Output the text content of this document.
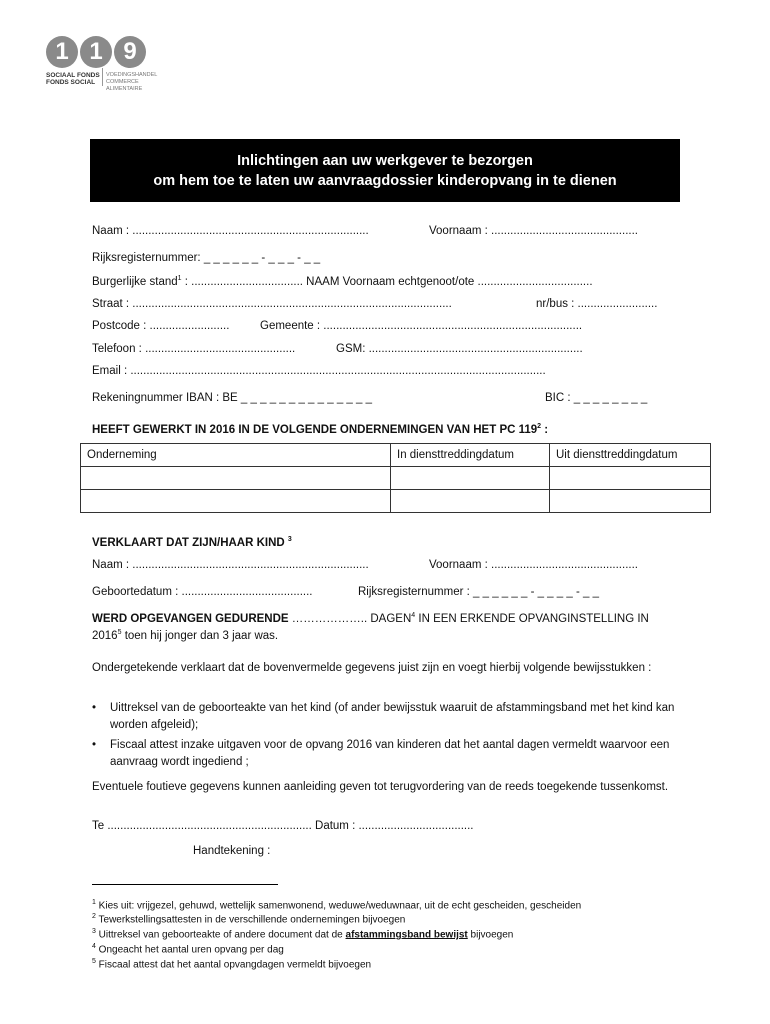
1 1 9
SOCIAAL FONDS
FONDS SOCIAL
VOEDINGSHANDEL
COMMERCE ALIMENTAIRE
Inlichtingen aan uw werkgever te bezorgen
om hem toe te laten uw aanvraagdossier kinderopvang in te dienen
Naam : ..........................................................................	Voornaam : ..............................................
Rijksregisternummer: _ _ _ _ _ _ - _ _ _ - _ _
Burgerlijke stand$^1$ : ................................... NAAM Voornaam echtgenoot/ote ....................................
Straat : ....................................................................................................	nr/bus : .........................
Postcode : .........................	Gemeente : .................................................................................
Telefoon : ...............................................	GSM: ...................................................................
Email : ..................................................................................................................................
Rekeningnummer IBAN : BE _ _ _ _ _ _ _ _ _ _ _ _ _ _	BIC : _ _ _ _ _ _ _ _
HEEFT GEWERKT IN 2016 IN DE VOLGENDE ONDERNEMINGEN VAN HET PC $119^2$ :
Onderneming	In diensttreddingdatum	Uit diensttreddingdatum

VERKLAART DAT ZIJN/HAAR KIND $^3$
Naam : ..........................................................................	Voornaam : ..............................................
Geboortedatum : .........................................	Rijksregisternummer : _ _ _ _ _ _ - _ _ _ _ - _ _
WERD OPGEVANGEN GEDURENDE ……………….. DAGEN$^4$ IN EEN ERKENDE OPVANGINSTELLING IN
2016$^5$ toen hij jonger dan 3 jaar was.
Ondergetekende verklaart dat de bovenvermelde gegevens juist zijn en voegt hierbij volgende bewijsstukken :
• Uittreksel van de geboorteakte van het kind (of ander bewijsstuk waaruit de afstammingsband met het kind kan worden afgeleid);
• Fiscaal attest inzake uitgaven voor de opvang 2016 van kinderen dat het aantal dagen vermeldt waarvoor een aanvraag wordt ingediend ;
Eventuele foutieve gegevens kunnen aanleiding geven tot terugvordering van de reeds toegekende tussenkomst.
Te ................................................................ Datum : ....................................
Handtekening :
$^1$ Kies uit: vrijgezel, gehuwd, wettelijk samenwonend, weduwe/weduwnaar, uit de echt gescheiden, gescheiden
$^2$ Tewerkstellingsattesten in de verschillende ondernemingen bijvoegen
$^3$ Uittreksel van geboorteakte of andere document dat de afstammingsband bewijst bijvoegen
$^4$ Ongeacht het aantal uren opvang per dag
$^5$ Fiscaal attest dat het aantal opvangdagen vermeldt bijvoegen
